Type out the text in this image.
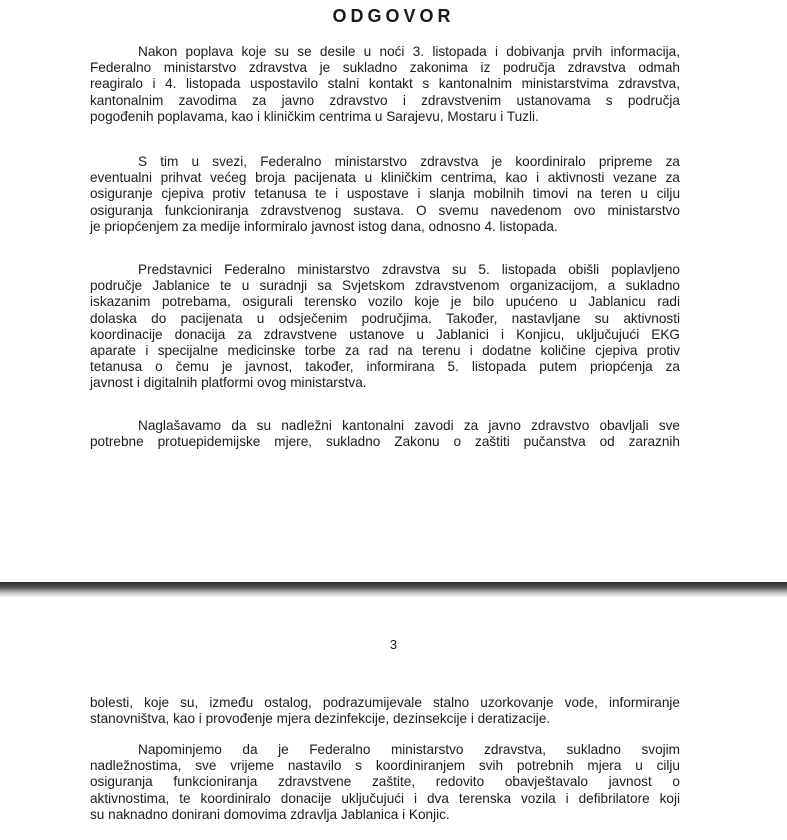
ODGOVOR

Nakon poplava koje su se desile u noći 3. listopada i dobivanja prvih informacija,
Federalno ministarstvo zdravstva je sukladno zakonima iz područja zdravstva odmah
reagiralo i 4. listopada uspostavilo stalni kontakt s kantonalnim ministarstvima zdravstva,
kantonalnim zavodima za javno zdravstvo i zdravstvenim ustanovama s područja
pogođenih poplavama, kao i kliničkim centrima u Sarajevu, Mostaru i Tuzli.

S tim u svezi, Federalno ministarstvo zdravstva je koordiniralo pripreme za
eventualni prihvat većeg broja pacijenata u kliničkim centrima, kao i aktivnosti vezane za
osiguranje cjepiva protiv tetanusa te i uspostave i slanja mobilnih timovi na teren u cilju
osiguranja funkcioniranja zdravstvenog sustava. O svemu navedenom ovo ministarstvo
je priopćenjem za medije informiralo javnost istog dana, odnosno 4. listopada.

Predstavnici Federalno ministarstvo zdravstva su 5. listopada obišli poplavljeno
područje Jablanice te u suradnji sa Svjetskom zdravstvenom organizacijom, a sukladno
iskazanim potrebama, osigurali terensko vozilo koje je bilo upućeno u Jablanicu radi
dolaska do pacijenata u odsječenim područjima. Također, nastavljane su aktivnosti
koordinacije donacija za zdravstvene ustanove u Jablanici i Konjicu, uključujući EKG
aparate i specijalne medicinske torbe za rad na terenu i dodatne količine cjepiva protiv
tetanusa o čemu je javnost, također, informirana 5. listopada putem priopćenja za
javnost i digitalnih platformi ovog ministarstva.

Naglašavamo da su nadležni kantonalni zavodi za javno zdravstvo obavljali sve
potrebne protuepidemijske mjere, sukladno Zakonu o zaštiti pučanstva od zaraznih

3

bolesti, koje su, između ostalog, podrazumijevale stalno uzorkovanje vode, informiranje
stanovništva, kao i provođenje mjera dezinfekcije, dezinsekcije i deratizacije.

Napominjemo da je Federalno ministarstvo zdravstva, sukladno svojim
nadležnostima, sve vrijeme nastavilo s koordiniranjem svih potrebnih mjera u cilju
osiguranja funkcioniranja zdravstvene zaštite, redovito obavještavalo javnost o
aktivnostima, te koordiniralo donacije uključujući i dva terenska vozila i defibrilatore koji
su naknadno donirani domovima zdravlja Jablanica i Konjic.
